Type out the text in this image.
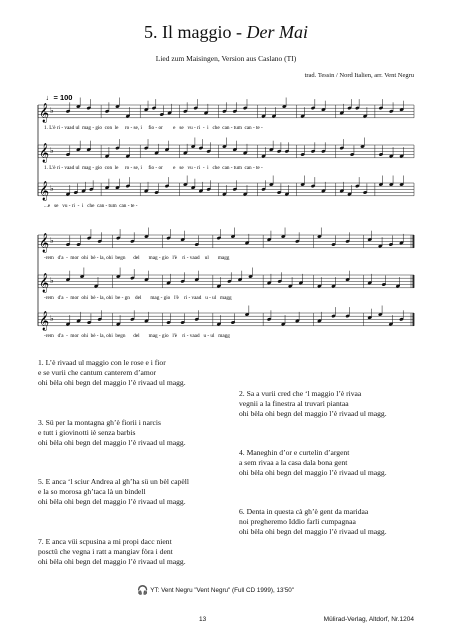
5. Il maggio - Der Mai
Lied zum Maisingen, Version aus Caslano (TI)
trad. Tessin / Nord Italien, arr. Vent Negru
♩= 100
𝄞 ♭
1. L'è ri - vaad ul  mag - gio  con  le     ro - se, i     fio - or        e   se   vu - ri  -  i   che  can - tum  can - te -
𝄞 ♭
1. L'è ri - vaad ul  mag - gio  con  le     ro - se, i     fio - or        e   se   vu - ri  -  i   che  can - tum  can - te -
𝄞 ♭
...e   se   vu - ri  -  i   che  can - tum  can - te -
𝄞 ♭
-rem   d'a  -  mor  ohi  bè - la, ohi  begn      del       mag - gio   l'è    ri - vaad    ul       magg
𝄞 ♭
-rem   d'a  -  mor  ohi  bè - la, ohi  be - gn    del       mag - gio   l'è    ri - vaad   u - ul   magg
𝄞 ♭
-rem   d'a  -  mor  ohi  bè - la, ohi  begn      del       mag - gio   l'è    ri - vaad   u - ul   magg
1. L’è rivaad ul maggio con le rose e i fior
e se vurii che cantum canterem d’amor
ohi bèla ohi begn del maggio l’è rivaad ul magg.
3. Sü per la montagna gh’è fiorii i narcis
e tutt i giovinotti iè senza barbis
ohi bèla ohi begn del maggio l’è rivaad ul magg.
5. E anca ‘l sciur Andrea al gh’ha sü un bèl capèll
e la so morosa gh’taca là un bindell
ohi bèla ohi begn del maggio l’è rivaad ul magg.
7. E anca vüi scpusina a mi propi dacc nient
posctü che vegna i ratt a mangiav fòra i dent
ohi bèla ohi begn del maggio l’è rivaad ul magg.
2. Sa a vurii cred che ‘l maggio l’è rivaa
vegnii a la finestra al truvarì piantaa
ohi bèla ohi begn del maggio l’è rivaad ul magg.
4. Maneghin d’or e curtelin d’argent
a sem rivaa a la casa dala bona gent
ohi bèla ohi begn del maggio l’è rivaad ul magg.
6. Denta in questa cà gh’è gent da maridaa
noi pregheremo Iddio farli cumpagnaa
ohi bèla ohi begn del maggio l’è rivaad ul magg.
🎧 YT: Vent Negru "Vent Negru" (Full CD 1999), 13'50"
13	Mülirad-Verlag, Altdorf, Nr.1204
